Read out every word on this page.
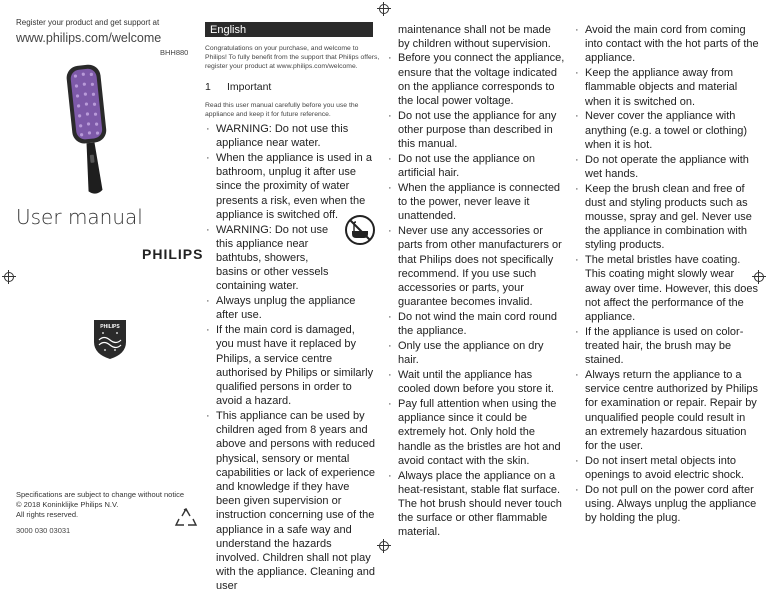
Register your product and get support at
www.philips.com/welcome
BHH880
User manual
PHILIPS
PHILIPS
Specifications are subject to change without notice
© 2018 Koninklijke Philips N.V.
All rights reserved.
3000 030 03031
English
Congratulations on your purchase, and welcome to Philips! To fully benefit from the support that Philips offers, register your product at www.philips.com/welcome.
1 Important
Read this user manual carefully before you use the appliance and keep it for future reference.
· WARNING: Do not use this appliance near water.
· When the appliance is used in a bathroom, unplug it after use since the proximity of water presents a risk, even when the appliance is switched off.
· WARNING: Do not use this appliance near bathtubs, showers, basins or other vessels containing water.
· Always unplug the appliance after use.
· If the main cord is damaged, you must have it replaced by Philips, a service centre authorised by Philips or similarly qualified persons in order to avoid a hazard.
· This appliance can be used by children aged from 8 years and above and persons with reduced physical, sensory or mental capabilities or lack of experience and knowledge if they have been given supervision or instruction concerning use of the appliance in a safe way and understand the hazards involved. Children shall not play with the appliance. Cleaning and user
maintenance shall not be made by children without supervision.
· Before you connect the appliance, ensure that the voltage indicated on the appliance corresponds to the local power voltage.
· Do not use the appliance for any other purpose than described in this manual.
· Do not use the appliance on artificial hair.
· When the appliance is connected to the power, never leave it unattended.
· Never use any accessories or parts from other manufacturers or that Philips does not specifically recommend. If you use such accessories or parts, your guarantee becomes invalid.
· Do not wind the main cord round the appliance.
· Only use the appliance on dry hair.
· Wait until the appliance has cooled down before you store it.
· Pay full attention when using the appliance since it could be extremely hot. Only hold the handle as the bristles are hot and avoid contact with the skin.
· Always place the appliance on a heat-resistant, stable flat surface. The hot brush should never touch the surface or other flammable material.
· Avoid the main cord from coming into contact with the hot parts of the appliance.
· Keep the appliance away from flammable objects and material when it is switched on.
· Never cover the appliance with anything (e.g. a towel or clothing) when it is hot.
· Do not operate the appliance with wet hands.
· Keep the brush clean and free of dust and styling products such as mousse, spray and gel. Never use the appliance in combination with styling products.
· The metal bristles have coating. This coating might slowly wear away over time. However, this does not affect the performance of the appliance.
· If the appliance is used on color-treated hair, the brush may be stained.
· Always return the appliance to a service centre authorized by Philips for examination or repair. Repair by unqualified people could result in an extremely hazardous situation for the user.
· Do not insert metal objects into openings to avoid electric shock.
· Do not pull on the power cord after using. Always unplug the appliance by holding the plug.
